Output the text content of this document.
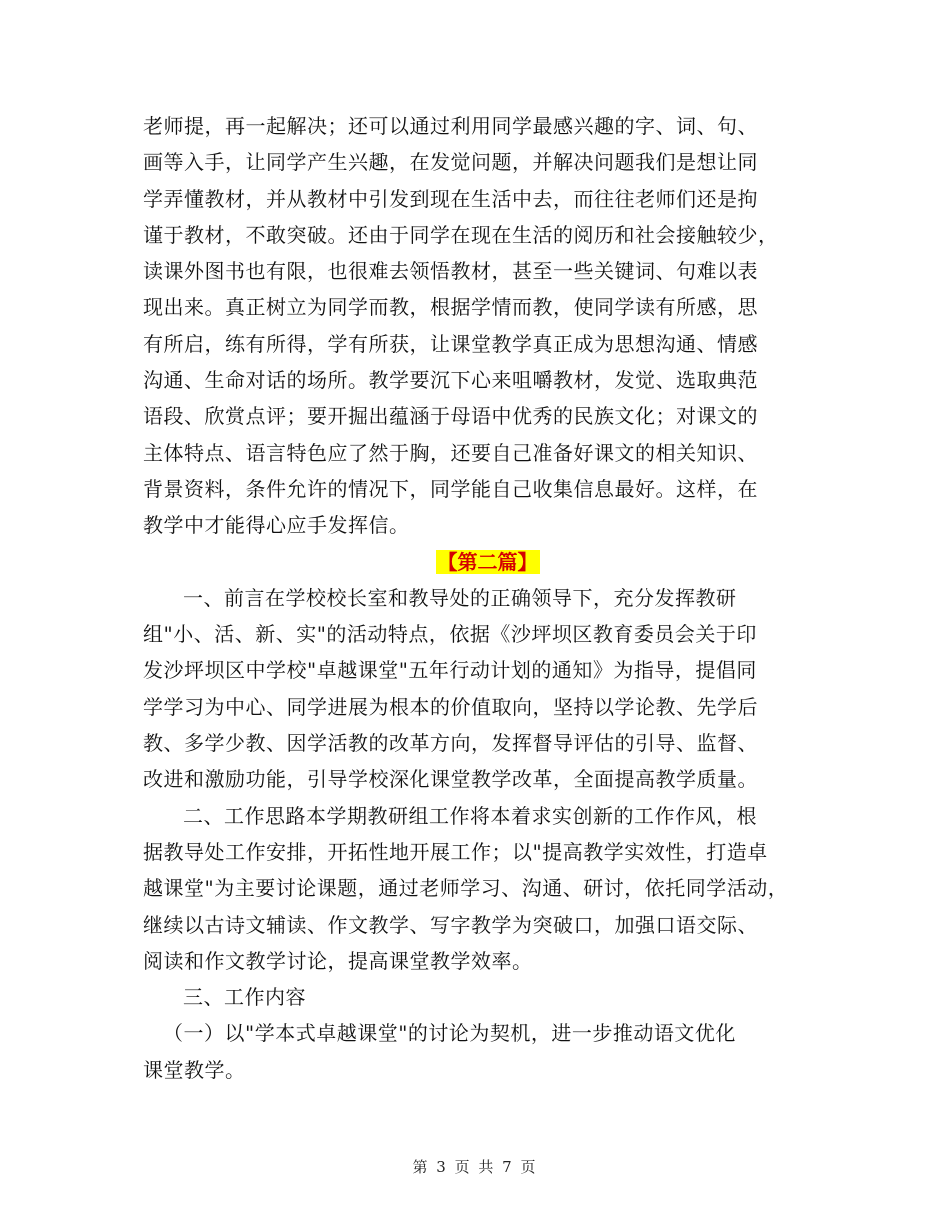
老师提，再一起解决；还可以通过利用同学最感兴趣的字、词、句、
画等入手，让同学产生兴趣，在发觉问题，并解决问题我们是想让同
学弄懂教材，并从教材中引发到现在生活中去，而往往老师们还是拘
谨于教材，不敢突破。还由于同学在现在生活的阅历和社会接触较少，
读课外图书也有限，也很难去领悟教材，甚至一些关键词、句难以表
现出来。真正树立为同学而教，根据学情而教，使同学读有所感，思
有所启，练有所得，学有所获，让课堂教学真正成为思想沟通、情感
沟通、生命对话的场所。教学要沉下心来咀嚼教材，发觉、选取典范
语段、欣赏点评；要开掘出蕴涵于母语中优秀的民族文化；对课文的
主体特点、语言特色应了然于胸，还要自己准备好课文的相关知识、
背景资料，条件允许的情况下，同学能自己收集信息最好。这样，在
教学中才能得心应手发挥信。
【第二篇】
一、前言在学校校长室和教导处的正确领导下，充分发挥教研
组"小、活、新、实"的活动特点，依据《沙坪坝区教育委员会关于印
发沙坪坝区中学校"卓越课堂"五年行动计划的通知》为指导，提倡同
学学习为中心、同学进展为根本的价值取向，坚持以学论教、先学后
教、多学少教、因学活教的改革方向，发挥督导评估的引导、监督、
改进和激励功能，引导学校深化课堂教学改革，全面提高教学质量。
二、工作思路本学期教研组工作将本着求实创新的工作作风，根
据教导处工作安排，开拓性地开展工作；以"提高教学实效性，打造卓
越课堂"为主要讨论课题，通过老师学习、沟通、研讨，依托同学活动，
继续以古诗文辅读、作文教学、写字教学为突破口，加强口语交际、
阅读和作文教学讨论，提高课堂教学效率。
三、工作内容
（一）以"学本式卓越课堂"的讨论为契机，进一步推动语文优化
课堂教学。
第 3 页 共 7 页
